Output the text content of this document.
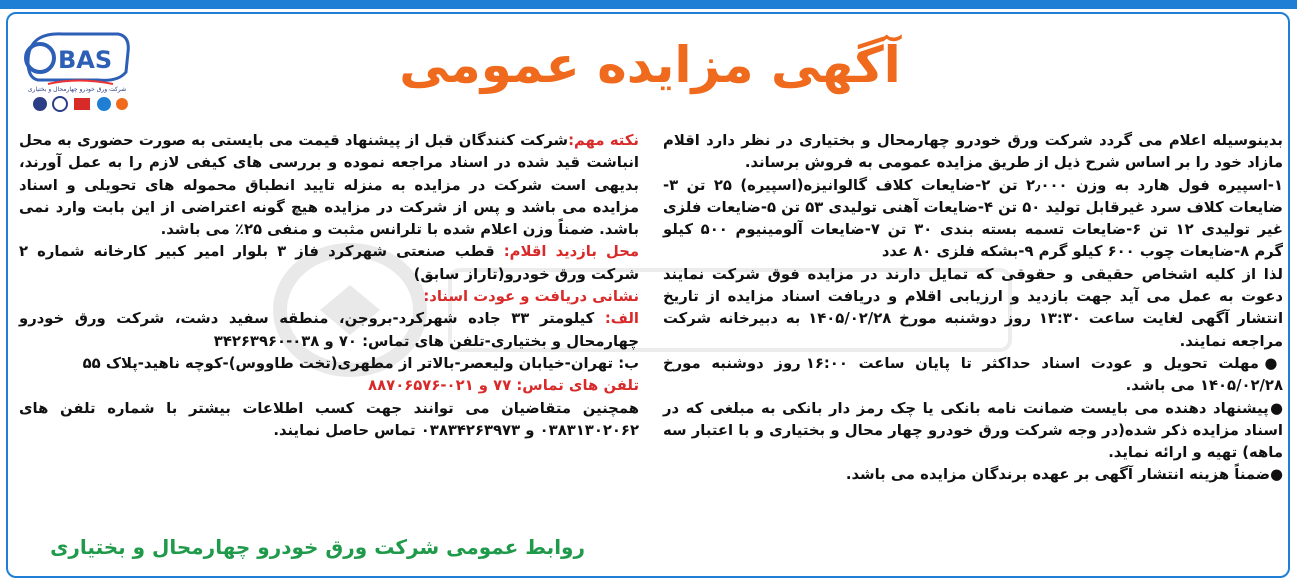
BAS
شرکت ورق خودرو چهارمحال و بختیاری	آگهی مزایده عمومی
بدینوسیله اعلام می گردد شرکت ورق خودرو چهارمحال و بختیاری در نظر دارد اقلام مازاد خود را بر اساس شرح ذیل از طریق مزایده عمومی به فروش برساند.
۱-اسپیره فول هارد به وزن ۲٫۰۰۰ تن ۲-ضایعات کلاف گالوانیزه(اسپیره) ۲۵ تن ۳-ضایعات کلاف سرد غیرقابل تولید ۵۰ تن ۴-ضایعات آهنی تولیدی ۵۳ تن ۵-ضایعات فلزی غیر تولیدی ۱۲ تن ۶-ضایعات تسمه بسته بندی ۳۰ تن ۷-ضایعات آلومینیوم ۵۰۰ کیلو گرم ۸-ضایعات چوب ۶۰۰ کیلو گرم ۹-بشکه فلزی ۸۰ عدد
لذا از کلیه اشخاص حقیقی و حقوقی که تمایل دارند در مزایده فوق شرکت نمایند دعوت به عمل می آید جهت بازدید و ارزیابی اقلام و دریافت اسناد مزایده از تاریخ انتشار آگهی لغایت ساعت ۱۳:۳۰ روز دوشنبه مورخ ۱۴۰۵/۰۲/۲۸ به دبیرخانه شرکت مراجعه نمایند.
●مهلت تحویل و عودت اسناد حداکثر تا پایان ساعت ۱۶:۰۰ روز دوشنبه مورخ ۱۴۰۵/۰۲/۲۸ می باشد.
●پیشنهاد دهنده می بایست ضمانت نامه بانکی یا چک رمز دار بانکی به مبلغی که در اسناد مزایده ذکر شده(در وجه شرکت ورق خودرو چهار محال و بختیاری و با اعتبار سه ماهه) تهیه و ارائه نماید.
●ضمناً هزینه انتشار آگهی بر عهده برندگان مزایده می باشد.
نکته مهم:شرکت کنندگان قبل از پیشنهاد قیمت می بایستی به صورت حضوری به محل انباشت قید شده در اسناد مراجعه نموده و بررسی های کیفی لازم را به عمل آورند، بدیهی است شرکت در مزایده به منزله تایید انطباق محموله های تحویلی و اسناد مزایده می باشد و پس از شرکت در مزایده هیچ گونه اعتراضی از این بابت وارد نمی باشد. ضمناً وزن اعلام شده با تلرانس مثبت و منفی ۲۵٪ می باشد.
محل بازدید اقلام: قطب صنعتی شهرکرد فاز ۳ بلوار امیر کبیر کارخانه شماره ۲ شرکت ورق خودرو(تاراز سابق)
نشانی دریافت و عودت اسناد:
الف: کیلومتر ۳۳ جاده شهرکرد-بروجن، منطقه سفید دشت، شرکت ورق خودرو چهارمحال و بختیاری-تلفن های تماس: ۷۰ و ۰۳۸-۳۴۲۶۳۹۶۰
ب: تهران-خیابان ولیعصر-بالاتر از مطهری(تخت طاووس)-کوچه ناهید-پلاک ۵۵
تلفن های تماس: ۷۷ و ۰۲۱-۸۸۷۰۶۵۷۶
همچنین متقاضیان می توانند جهت کسب اطلاعات بیشتر با شماره تلفن های ۰۳۸۳۱۳۰۲۰۶۲ و ۰۳۸۳۴۲۶۳۹۷۳ تماس حاصل نمایند.
روابط عمومی شرکت ورق خودرو چهارمحال و بختیاری
